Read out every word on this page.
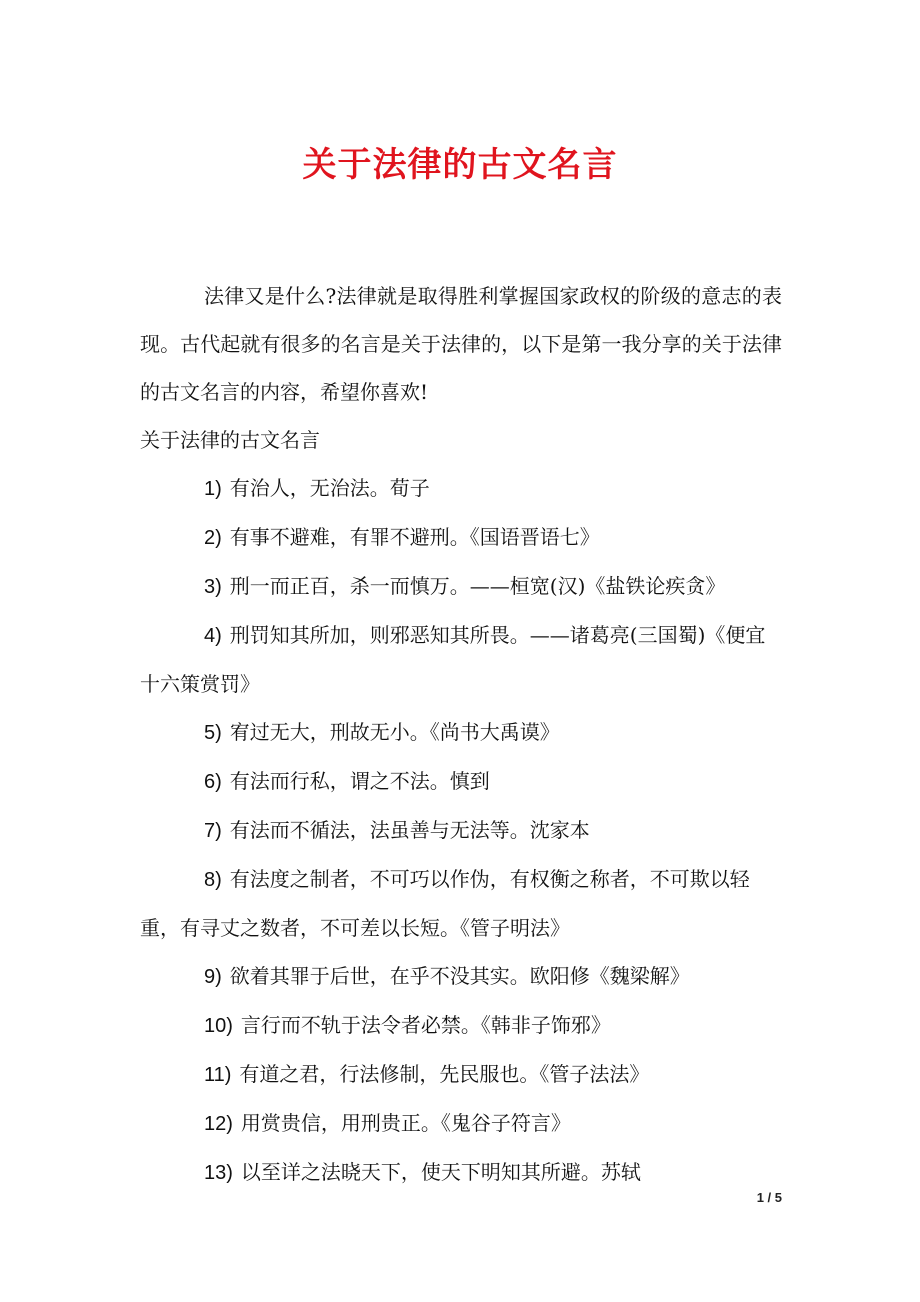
关于法律的古文名言

法律又是什么?法律就是取得胜利掌握国家政权的阶级的意志的表现。古代起就有很多的名言是关于法律的，以下是第一我分享的关于法律的古文名言的内容，希望你喜欢!

关于法律的古文名言

1) 有治人，无治法。荀子

2) 有事不避难，有罪不避刑。《国语晋语七》

3) 刑一而正百，杀一而慎万。——桓宽(汉)《盐铁论疾贪》

4) 刑罚知其所加，则邪恶知其所畏。——诸葛亮(三国蜀)《便宜十六策赏罚》

5) 宥过无大，刑故无小。《尚书大禹谟》

6) 有法而行私，谓之不法。慎到

7) 有法而不循法，法虽善与无法等。沈家本

8) 有法度之制者，不可巧以作伪，有权衡之称者，不可欺以轻重，有寻丈之数者，不可差以长短。《管子明法》

9) 欲着其罪于后世，在乎不没其实。欧阳修《魏梁解》

10) 言行而不轨于法令者必禁。《韩非子饰邪》

11) 有道之君，行法修制，先民服也。《管子法法》

12) 用赏贵信，用刑贵正。《鬼谷子符言》

13) 以至详之法晓天下，使天下明知其所避。苏轼

1 / 5
